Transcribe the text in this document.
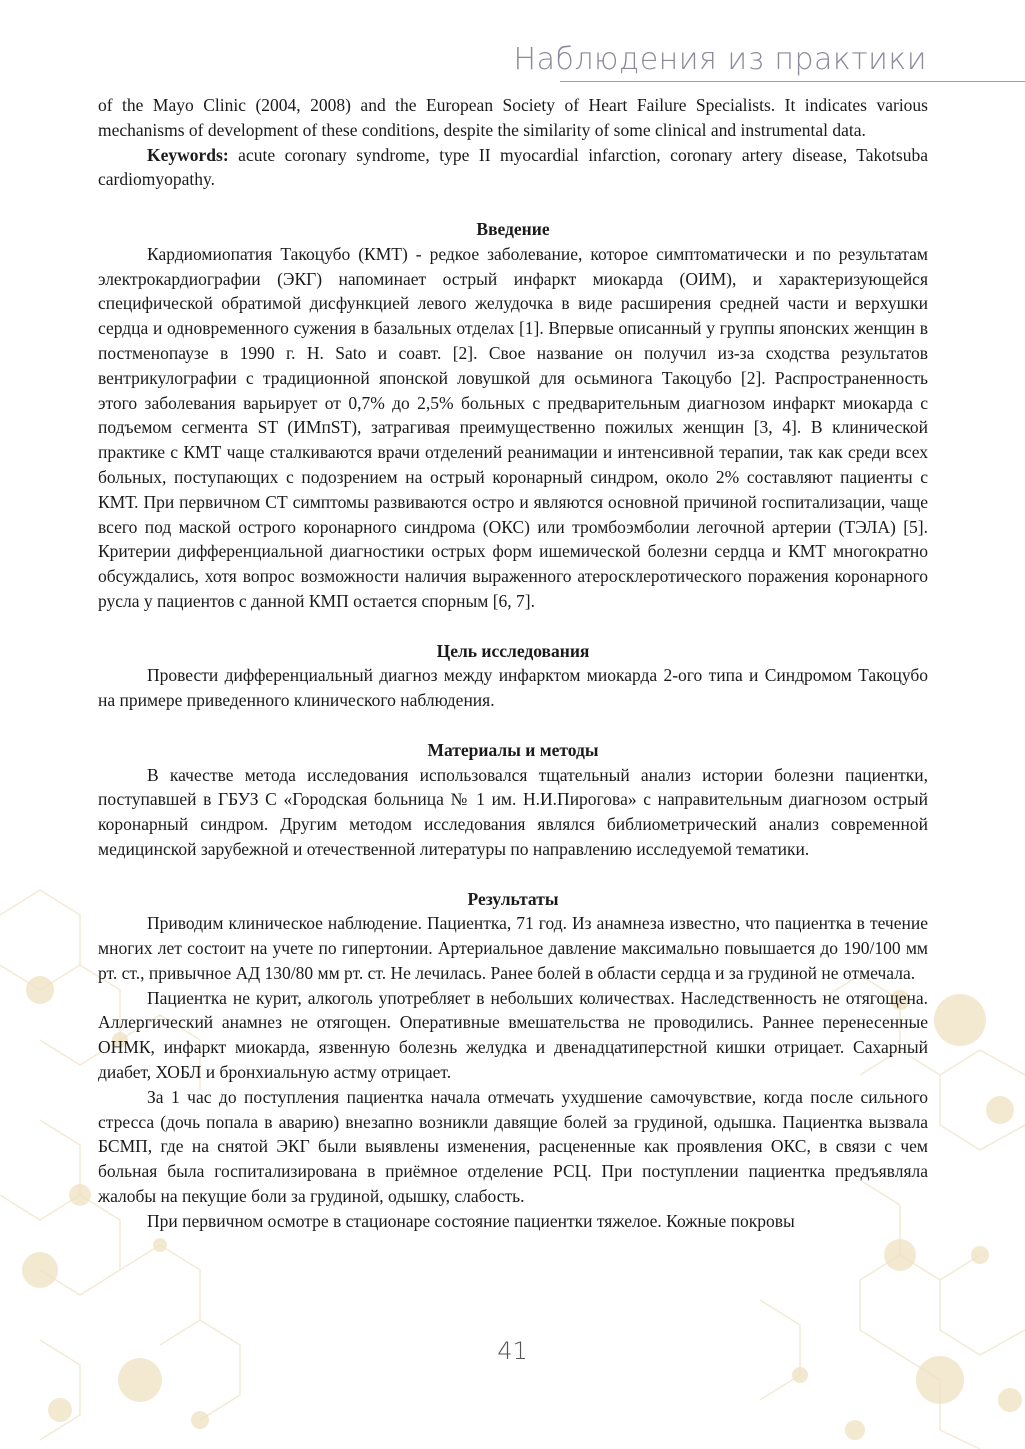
Наблюдения из практики

of the Mayo Clinic (2004, 2008) and the European Society of Heart Failure Specialists. It indicates various mechanisms of development of these conditions, despite the similarity of some clinical and instrumental data.

Keywords: acute coronary syndrome, type II myocardial infarction, coronary artery disease, Takotsuba cardiomyopathy.

Введение

Кардиомиопатия Такоцубо (КМТ) - редкое заболевание, которое симптоматически и по результатам электрокардиографии (ЭКГ) напоминает острый инфаркт миокарда (ОИМ), и характеризующейся специфической обратимой дисфункцией левого желудочка в виде расширения средней части и верхушки сердца и одновременного сужения в базальных отделах [1]. Впервые описанный у группы японских женщин в постменопаузе в 1990 г. H. Sato и соавт. [2]. Свое название он получил из-за сходства результатов вентрикулографии с традиционной японской ловушкой для осьминога Такоцубо [2]. Распространенность этого заболевания варьирует от 0,7% до 2,5% больных с предварительным диагнозом инфаркт миокарда с подъемом сегмента ST (ИМпST), затрагивая преимущественно пожилых женщин [3, 4]. В клинической практике с КМТ чаще сталкиваются врачи отделений реанимации и интенсивной терапии, так как среди всех больных, поступающих с подозрением на острый коронарный синдром, около 2% составляют пациенты с КМТ. При первичном СТ симптомы развиваются остро и являются основной причиной госпитализации, чаще всего под маской острого коронарного синдрома (ОКС) или тромбоэмболии легочной артерии (ТЭЛА) [5]. Критерии дифференциальной диагностики острых форм ишемической болезни сердца и КМТ многократно обсуждались, хотя вопрос возможности наличия выраженного атеросклеротического поражения коронарного русла у пациентов с данной КМП остается спорным [6, 7].

Цель исследования

Провести дифференциальный диагноз между инфарктом миокарда 2-ого типа и Синдромом Такоцубо на примере приведенного клинического наблюдения.

Материалы и методы

В качестве метода исследования использовался тщательный анализ истории болезни пациентки, поступавшей в ГБУЗ С «Городская больница № 1 им. Н.И.Пирогова» с направительным диагнозом острый коронарный синдром. Другим методом исследования являлся библиометрический анализ современной медицинской зарубежной и отечественной литературы по направлению исследуемой тематики.

Результаты

Приводим клиническое наблюдение. Пациентка, 71 год. Из анамнеза известно, что пациентка в течение многих лет состоит на учете по гипертонии. Артериальное давление максимально повышается до 190/100 мм рт. ст., привычное АД 130/80 мм рт. ст. Не лечилась. Ранее болей в области сердца и за грудиной не отмечала.

Пациентка не курит, алкоголь употребляет в небольших количествах. Наследственность не отягощена. Аллергический анамнез не отягощен. Оперативные вмешательства не проводились. Раннее перенесенные ОНМК, инфаркт миокарда, язвенную болезнь желудка и двенадцатиперстной кишки отрицает. Сахарный диабет, ХОБЛ и бронхиальную астму отрицает.

За 1 час до поступления пациентка начала отмечать ухудшение самочувствие, когда после сильного стресса (дочь попала в аварию) внезапно возникли давящие болей за грудиной, одышка. Пациентка вызвала БСМП, где на снятой ЭКГ были выявлены изменения, расцененные как проявления ОКС, в связи с чем больная была госпитализирована в приёмное отделение РСЦ. При поступлении пациентка предъявляла жалобы на пекущие боли за грудиной, одышку, слабость.

При первичном осмотре в стационаре состояние пациентки тяжелое. Кожные покровы

41
